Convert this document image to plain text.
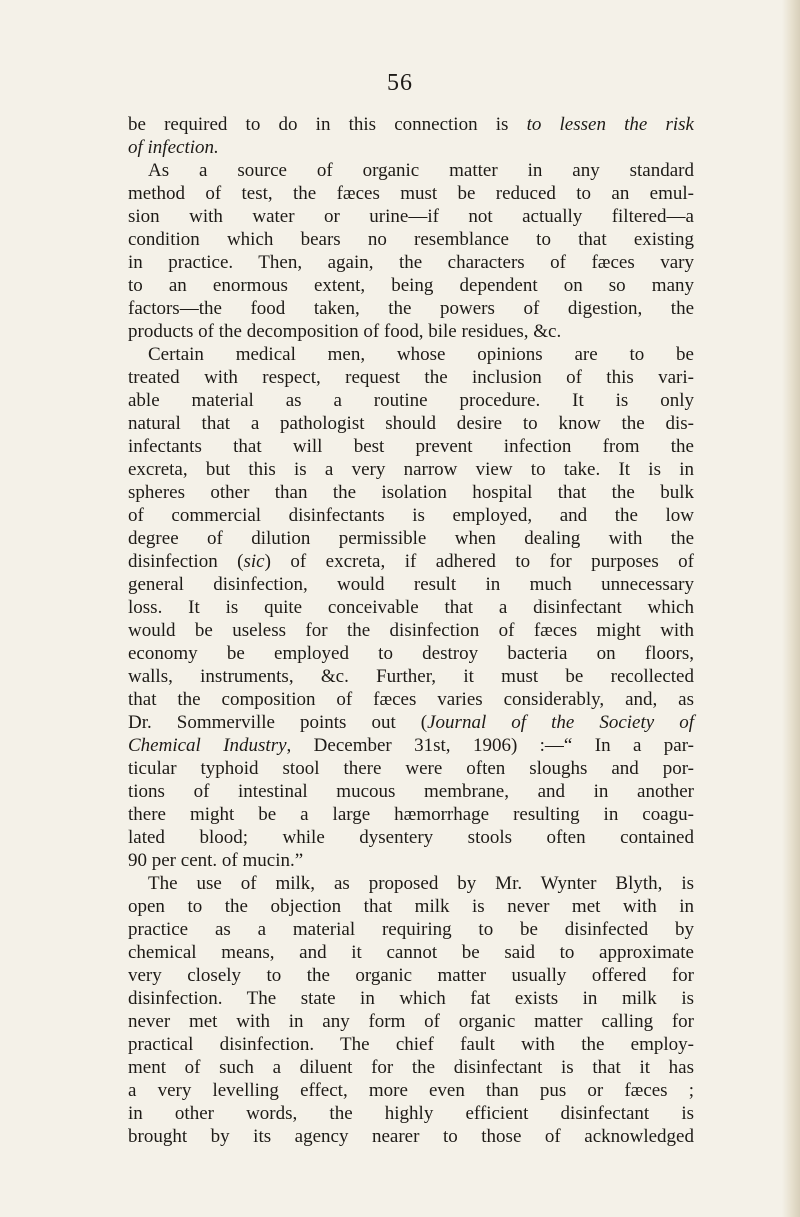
56
be required to do in this connection is to lessen the risk
of infection.
As a source of organic matter in any standard
method of test, the fæces must be reduced to an emul-
sion with water or urine—if not actually filtered—a
condition which bears no resemblance to that existing
in practice. Then, again, the characters of fæces vary
to an enormous extent, being dependent on so many
factors—the food taken, the powers of digestion, the
products of the decomposition of food, bile residues, &c.
Certain medical men, whose opinions are to be
treated with respect, request the inclusion of this vari-
able material as a routine procedure. It is only
natural that a pathologist should desire to know the dis-
infectants that will best prevent infection from the
excreta, but this is a very narrow view to take. It is in
spheres other than the isolation hospital that the bulk
of commercial disinfectants is employed, and the low
degree of dilution permissible when dealing with the
disinfection (sic) of excreta, if adhered to for purposes of
general disinfection, would result in much unnecessary
loss. It is quite conceivable that a disinfectant which
would be useless for the disinfection of fæces might with
economy be employed to destroy bacteria on floors,
walls, instruments, &c. Further, it must be recollected
that the composition of fæces varies considerably, and, as
Dr. Sommerville points out (Journal of the Society of
Chemical Industry, December 31st, 1906) :—“ In a par-
ticular typhoid stool there were often sloughs and por-
tions of intestinal mucous membrane, and in another
there might be a large hæmorrhage resulting in coagu-
lated blood; while dysentery stools often contained
90 per cent. of mucin.”
The use of milk, as proposed by Mr. Wynter Blyth, is
open to the objection that milk is never met with in
practice as a material requiring to be disinfected by
chemical means, and it cannot be said to approximate
very closely to the organic matter usually offered for
disinfection. The state in which fat exists in milk is
never met with in any form of organic matter calling for
practical disinfection. The chief fault with the employ-
ment of such a diluent for the disinfectant is that it has
a very levelling effect, more even than pus or fæces ;
in other words, the highly efficient disinfectant is
brought by its agency nearer to those of acknowledged
